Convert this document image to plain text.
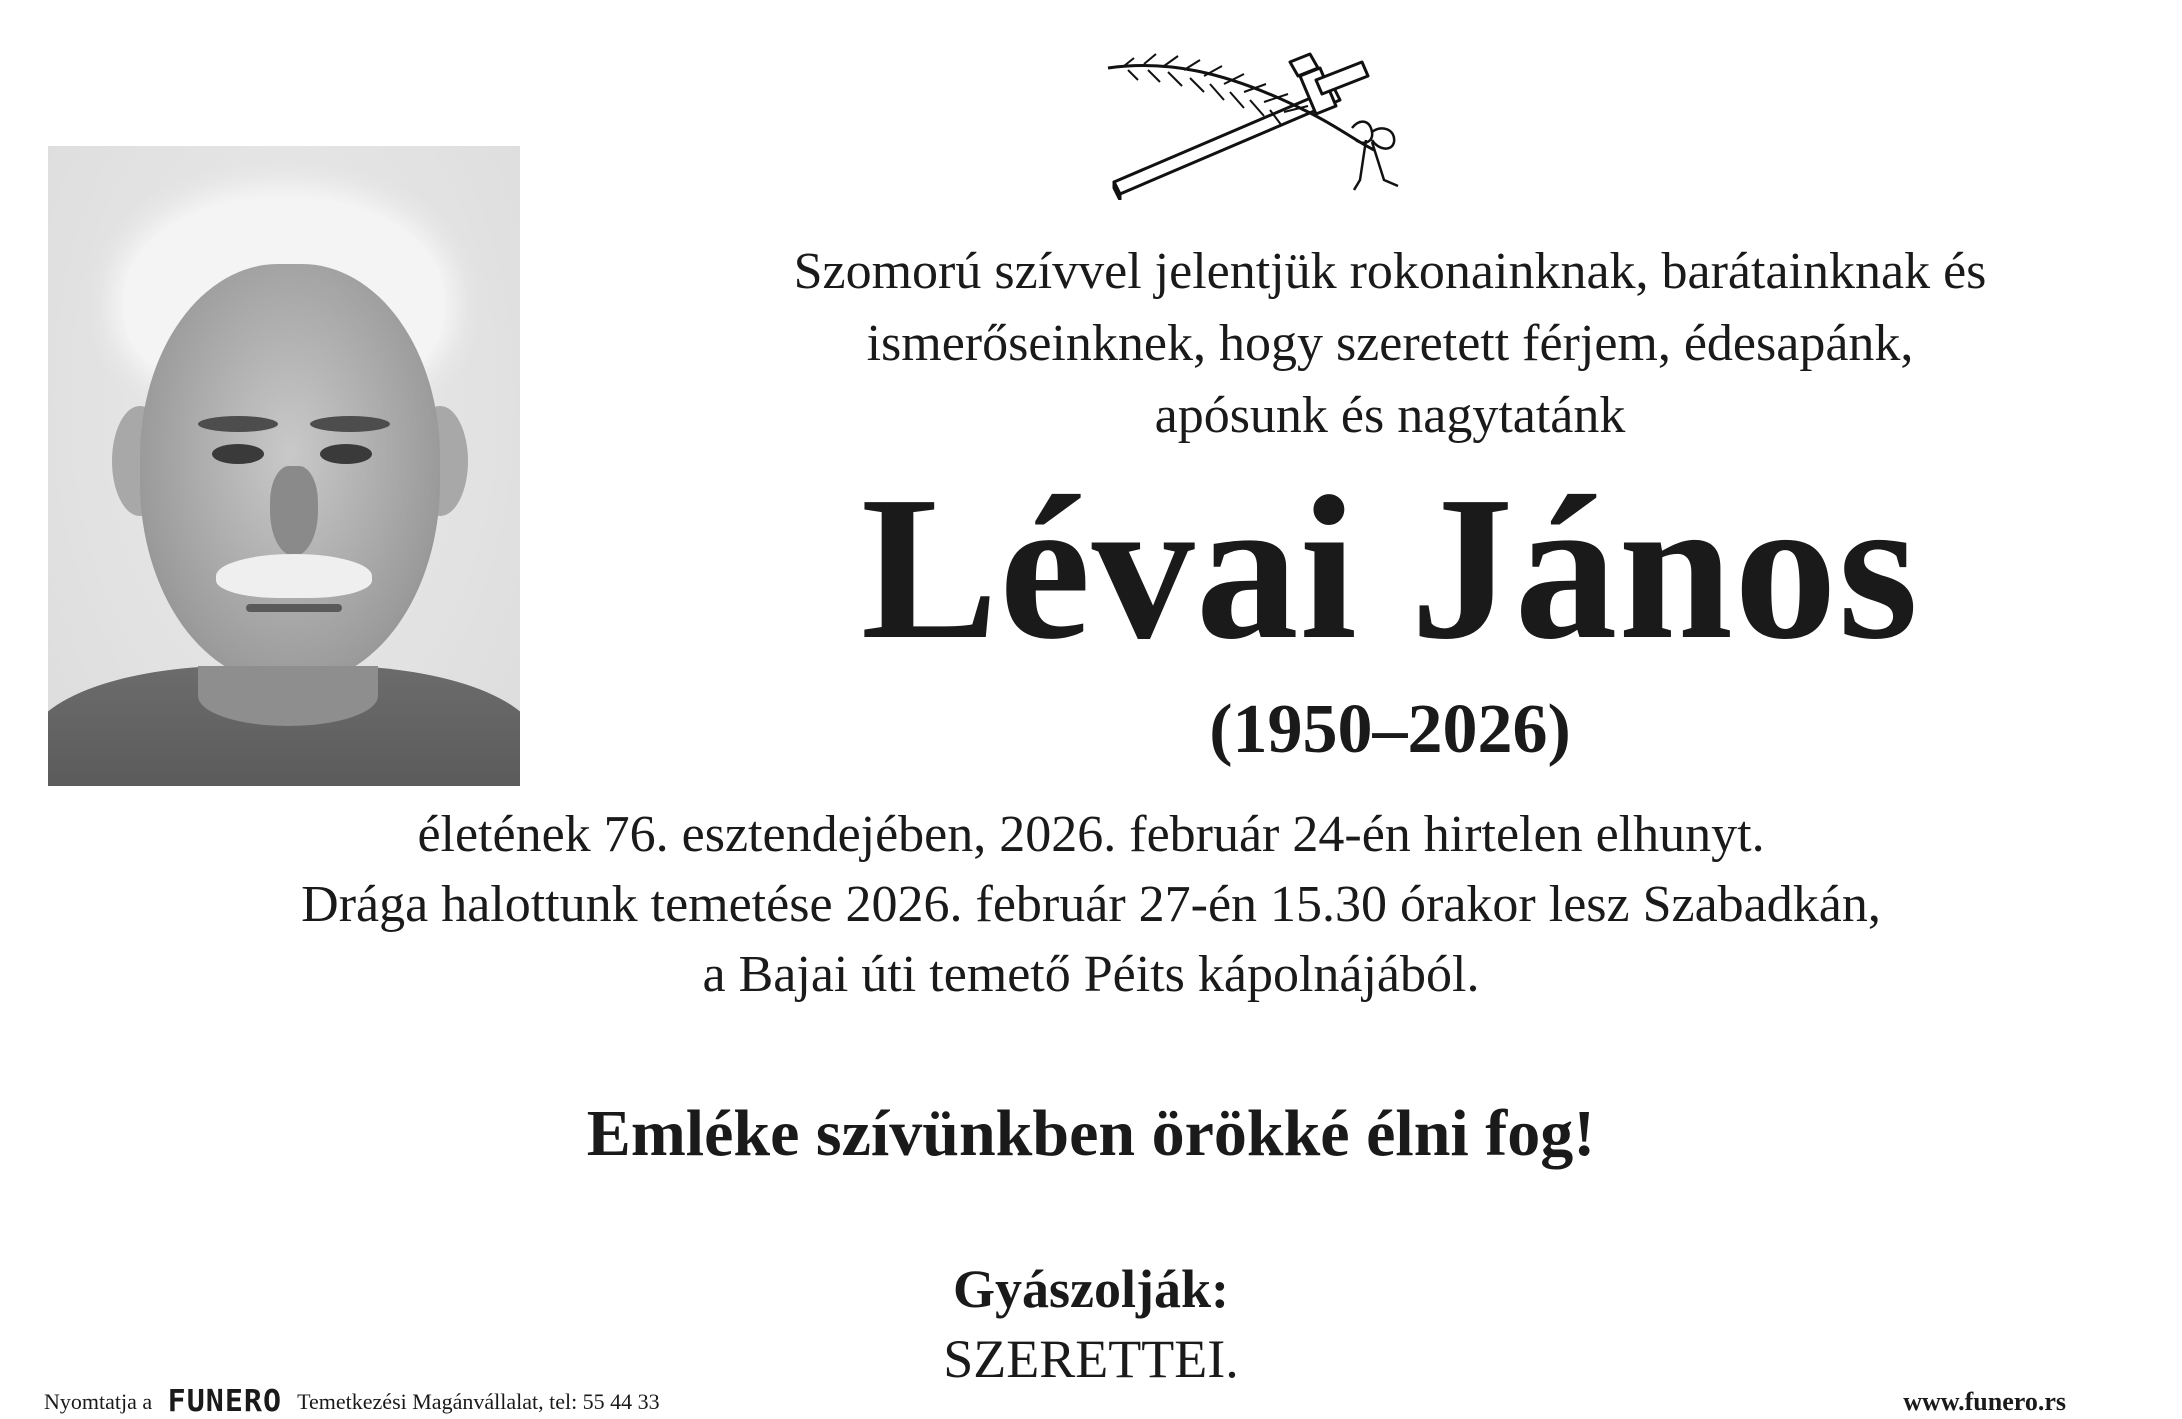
Szomorú szívvel jelentjük rokonainknak, barátainknak és
ismerőseinknek, hogy szeretett férjem, édesapánk,
apósunk és nagytatánk
Lévai János
(1950–2026)
életének 76. esztendejében, 2026. február 24-én hirtelen elhunyt.
Drága halottunk temetése 2026. február 27-én 15.30 órakor lesz Szabadkán,
a Bajai úti temető Péits kápolnájából.
Emléke szívünkben örökké élni fog!
Gyászolják:
SZERETTEI.
Nyomtatja a FUNERO Temetkezési Magánvállalat, tel: 55 44 33	www.funero.rs
